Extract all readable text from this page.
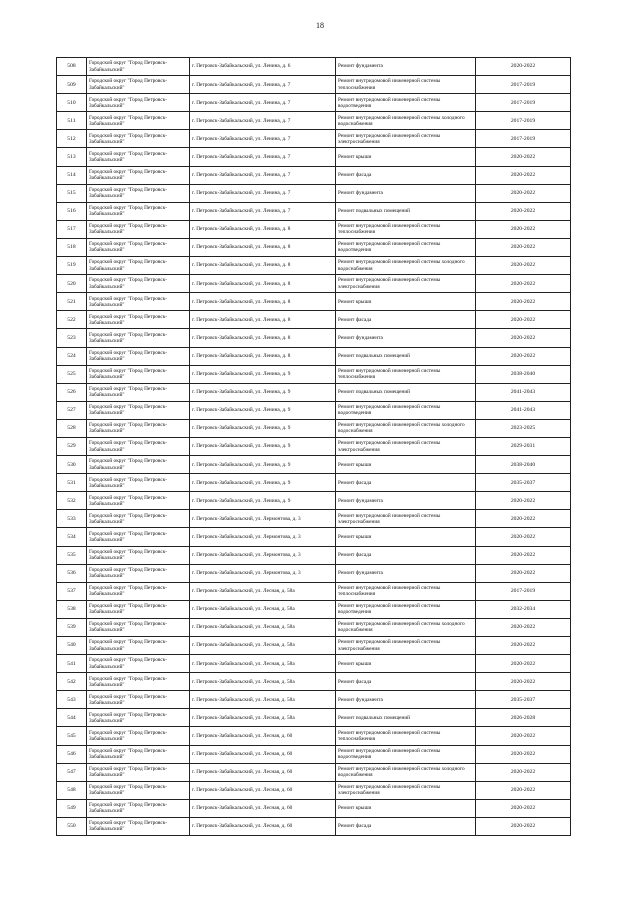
18
508	Городской округ "Город Петровск-Забайкальский"	г. Петровск-Забайкальский, ул. Ленина, д. 6	Ремонт фундамента	2020-2022
509	Городской округ "Город Петровск-Забайкальский"	г. Петровск-Забайкальский, ул. Ленина, д. 7	Ремонт внутридомовой инженерной системы теплоснабжения	2017-2019
510	Городской округ "Город Петровск-Забайкальский"	г. Петровск-Забайкальский, ул. Ленина, д. 7	Ремонт внутридомовой инженерной системы водоотведения	2017-2019
511	Городской округ "Город Петровск-Забайкальский"	г. Петровск-Забайкальский, ул. Ленина, д. 7	Ремонт внутридомовой инженерной системы холодного водоснабжения	2017-2019
512	Городской округ "Город Петровск-Забайкальский"	г. Петровск-Забайкальский, ул. Ленина, д. 7	Ремонт внутридомовой инженерной системы электроснабжения	2017-2019
513	Городской округ "Город Петровск-Забайкальский"	г. Петровск-Забайкальский, ул. Ленина, д. 7	Ремонт крыши	2020-2022
514	Городской округ "Город Петровск-Забайкальский"	г. Петровск-Забайкальский, ул. Ленина, д. 7	Ремонт фасада	2020-2022
515	Городской округ "Город Петровск-Забайкальский"	г. Петровск-Забайкальский, ул. Ленина, д. 7	Ремонт фундамента	2020-2022
516	Городской округ "Город Петровск-Забайкальский"	г. Петровск-Забайкальский, ул. Ленина, д. 7	Ремонт подвальных помещений	2020-2022
517	Городской округ "Город Петровск-Забайкальский"	г. Петровск-Забайкальский, ул. Ленина, д. 8	Ремонт внутридомовой инженерной системы теплоснабжения	2020-2022
518	Городской округ "Город Петровск-Забайкальский"	г. Петровск-Забайкальский, ул. Ленина, д. 8	Ремонт внутридомовой инженерной системы водоотведения	2020-2022
519	Городской округ "Город Петровск-Забайкальский"	г. Петровск-Забайкальский, ул. Ленина, д. 8	Ремонт внутридомовой инженерной системы холодного водоснабжения	2020-2022
520	Городской округ "Город Петровск-Забайкальский"	г. Петровск-Забайкальский, ул. Ленина, д. 8	Ремонт внутридомовой инженерной системы электроснабжения	2020-2022
521	Городской округ "Город Петровск-Забайкальский"	г. Петровск-Забайкальский, ул. Ленина, д. 8	Ремонт крыши	2020-2022
522	Городской округ "Город Петровск-Забайкальский"	г. Петровск-Забайкальский, ул. Ленина, д. 8	Ремонт фасада	2020-2022
523	Городской округ "Город Петровск-Забайкальский"	г. Петровск-Забайкальский, ул. Ленина, д. 8	Ремонт фундамента	2020-2022
524	Городской округ "Город Петровск-Забайкальский"	г. Петровск-Забайкальский, ул. Ленина, д. 8	Ремонт подвальных помещений	2020-2022
525	Городской округ "Город Петровск-Забайкальский"	г. Петровск-Забайкальский, ул. Ленина, д. 9	Ремонт внутридомовой инженерной системы теплоснабжения	2038-2040
526	Городской округ "Город Петровск-Забайкальский"	г. Петровск-Забайкальский, ул. Ленина, д. 9	Ремонт подвальных помещений	2041-2043
527	Городской округ "Город Петровск-Забайкальский"	г. Петровск-Забайкальский, ул. Ленина, д. 9	Ремонт внутридомовой инженерной системы водоотведения	2041-2043
528	Городской округ "Город Петровск-Забайкальский"	г. Петровск-Забайкальский, ул. Ленина, д. 9	Ремонт внутридомовой инженерной системы холодного водоснабжения	2023-2025
529	Городской округ "Город Петровск-Забайкальский"	г. Петровск-Забайкальский, ул. Ленина, д. 9	Ремонт внутридомовой инженерной системы электроснабжения	2029-2031
530	Городской округ "Город Петровск-Забайкальский"	г. Петровск-Забайкальский, ул. Ленина, д. 9	Ремонт крыши	2038-2040
531	Городской округ "Город Петровск-Забайкальский"	г. Петровск-Забайкальский, ул. Ленина, д. 9	Ремонт фасада	2035-2037
532	Городской округ "Город Петровск-Забайкальский"	г. Петровск-Забайкальский, ул. Ленина, д. 9	Ремонт фундамента	2020-2022
533	Городской округ "Город Петровск-Забайкальский"	г. Петровск-Забайкальский, ул. Лермонтова, д. 3	Ремонт внутридомовой инженерной системы электроснабжения	2020-2022
534	Городской округ "Город Петровск-Забайкальский"	г. Петровск-Забайкальский, ул. Лермонтова, д. 3	Ремонт крыши	2020-2022
535	Городской округ "Город Петровск-Забайкальский"	г. Петровск-Забайкальский, ул. Лермонтова, д. 3	Ремонт фасада	2020-2022
536	Городской округ "Город Петровск-Забайкальский"	г. Петровск-Забайкальский, ул. Лермонтова, д. 3	Ремонт фундамента	2020-2022
537	Городской округ "Город Петровск-Забайкальский"	г. Петровск-Забайкальский, ул. Лесная, д. 58а	Ремонт внутридомовой инженерной системы теплоснабжения	2017-2019
538	Городской округ "Город Петровск-Забайкальский"	г. Петровск-Забайкальский, ул. Лесная, д. 58а	Ремонт внутридомовой инженерной системы водоотведения	2032-2034
539	Городской округ "Город Петровск-Забайкальский"	г. Петровск-Забайкальский, ул. Лесная, д. 58а	Ремонт внутридомовой инженерной системы холодного водоснабжения	2020-2022
540	Городской округ "Город Петровск-Забайкальский"	г. Петровск-Забайкальский, ул. Лесная, д. 58а	Ремонт внутридомовой инженерной системы электроснабжения	2020-2022
541	Городской округ "Город Петровск-Забайкальский"	г. Петровск-Забайкальский, ул. Лесная, д. 58а	Ремонт крыши	2020-2022
542	Городской округ "Город Петровск-Забайкальский"	г. Петровск-Забайкальский, ул. Лесная, д. 58а	Ремонт фасада	2020-2022
543	Городской округ "Город Петровск-Забайкальский"	г. Петровск-Забайкальский, ул. Лесная, д. 58а	Ремонт фундамента	2035-2037
544	Городской округ "Город Петровск-Забайкальский"	г. Петровск-Забайкальский, ул. Лесная, д. 58а	Ремонт подвальных помещений	2026-2028
545	Городской округ "Город Петровск-Забайкальский"	г. Петровск-Забайкальский, ул. Лесная, д. 60	Ремонт внутридомовой инженерной системы теплоснабжения	2020-2022
546	Городской округ "Город Петровск-Забайкальский"	г. Петровск-Забайкальский, ул. Лесная, д. 60	Ремонт внутридомовой инженерной системы водоотведения	2020-2022
547	Городской округ "Город Петровск-Забайкальский"	г. Петровск-Забайкальский, ул. Лесная, д. 60	Ремонт внутридомовой инженерной системы холодного водоснабжения	2020-2022
548	Городской округ "Город Петровск-Забайкальский"	г. Петровск-Забайкальский, ул. Лесная, д. 60	Ремонт внутридомовой инженерной системы электроснабжения	2020-2022
549	Городской округ "Город Петровск-Забайкальский"	г. Петровск-Забайкальский, ул. Лесная, д. 60	Ремонт крыши	2020-2022
550	Городской округ "Город Петровск-Забайкальский"	г. Петровск-Забайкальский, ул. Лесная, д. 60	Ремонт фасада	2020-2022
